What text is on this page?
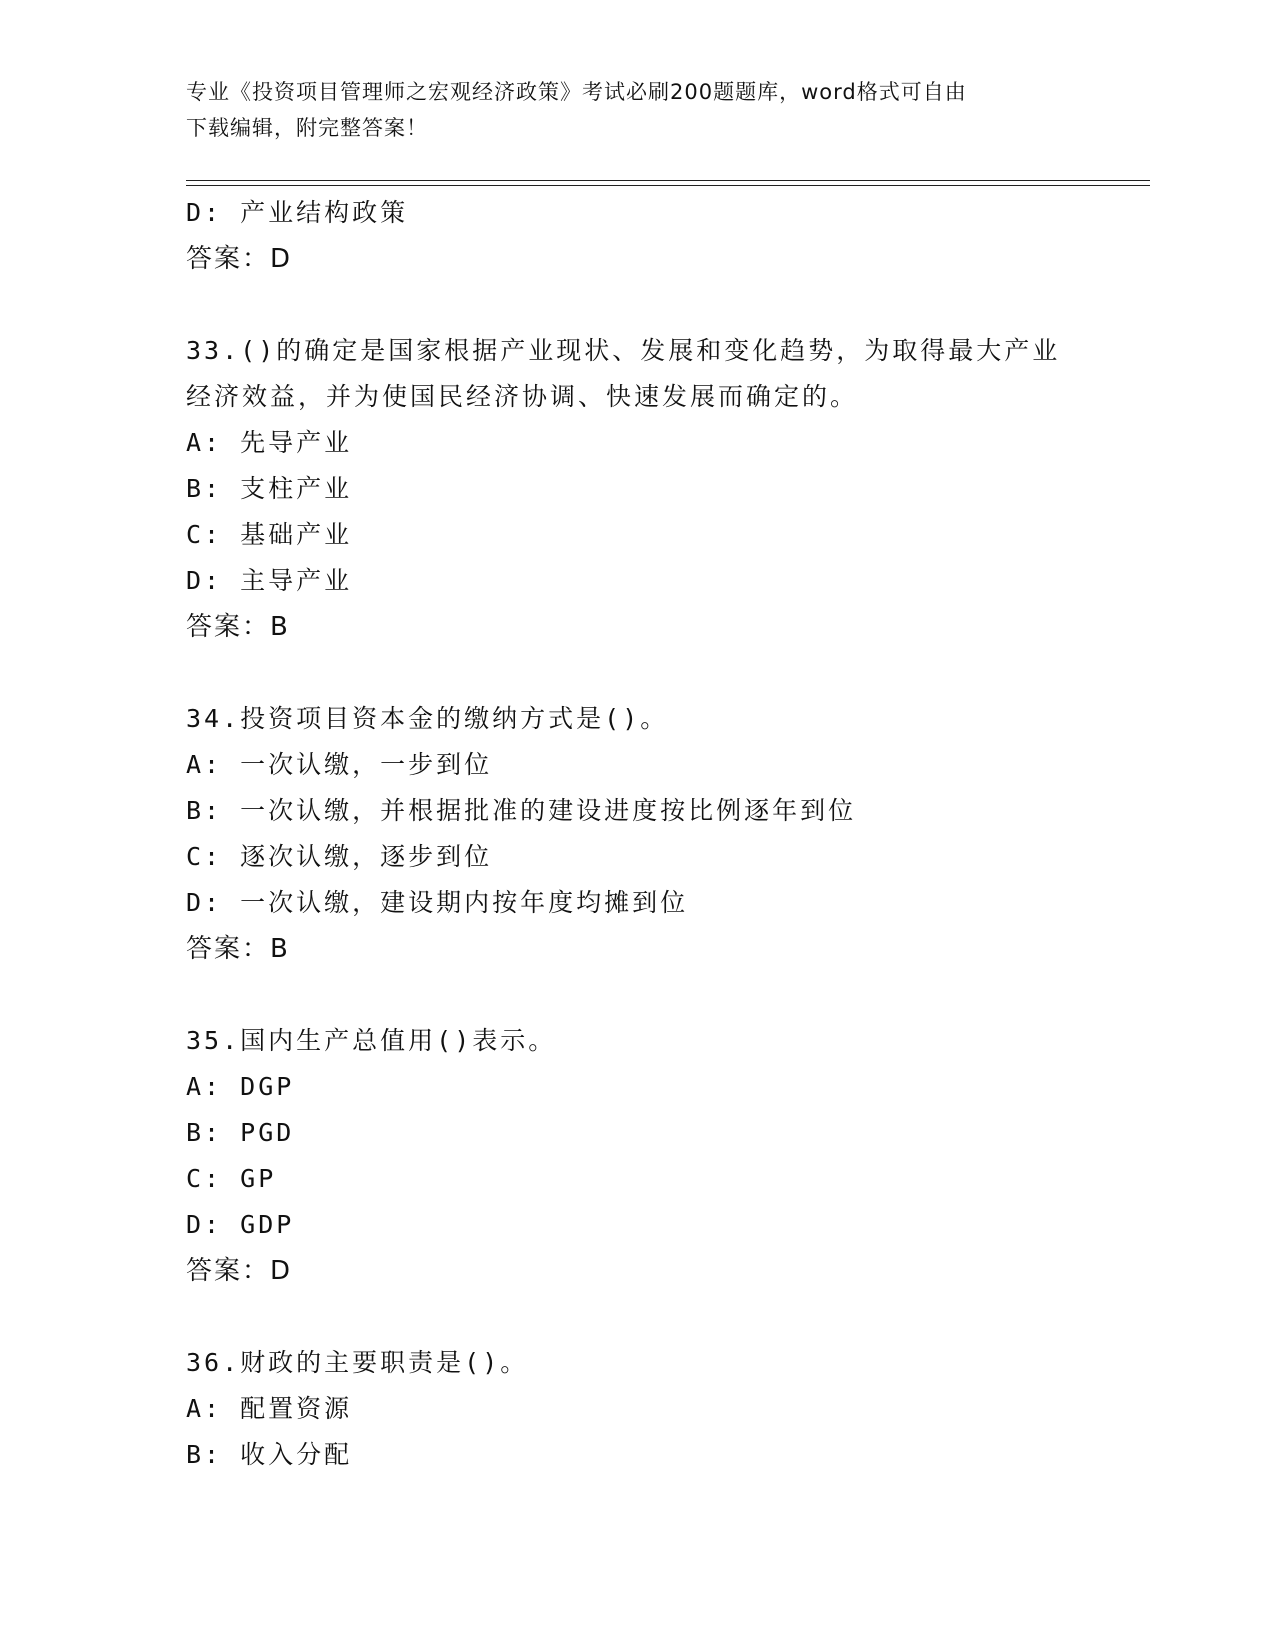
专业《投资项目管理师之宏观经济政策》考试必刷200题题库，word格式可自由
下载编辑，附完整答案！
D: 产业结构政策
答案：D
33.()的确定是国家根据产业现状、发展和变化趋势，为取得最大产业
经济效益，并为使国民经济协调、快速发展而确定的。
A: 先导产业
B: 支柱产业
C: 基础产业
D: 主导产业
答案：B
34.投资项目资本金的缴纳方式是()。
A: 一次认缴，一步到位
B: 一次认缴，并根据批准的建设进度按比例逐年到位
C: 逐次认缴，逐步到位
D: 一次认缴，建设期内按年度均摊到位
答案：B
35.国内生产总值用()表示。
A: DGP
B: PGD
C: GP
D: GDP
答案：D
36.财政的主要职责是()。
A: 配置资源
B: 收入分配
